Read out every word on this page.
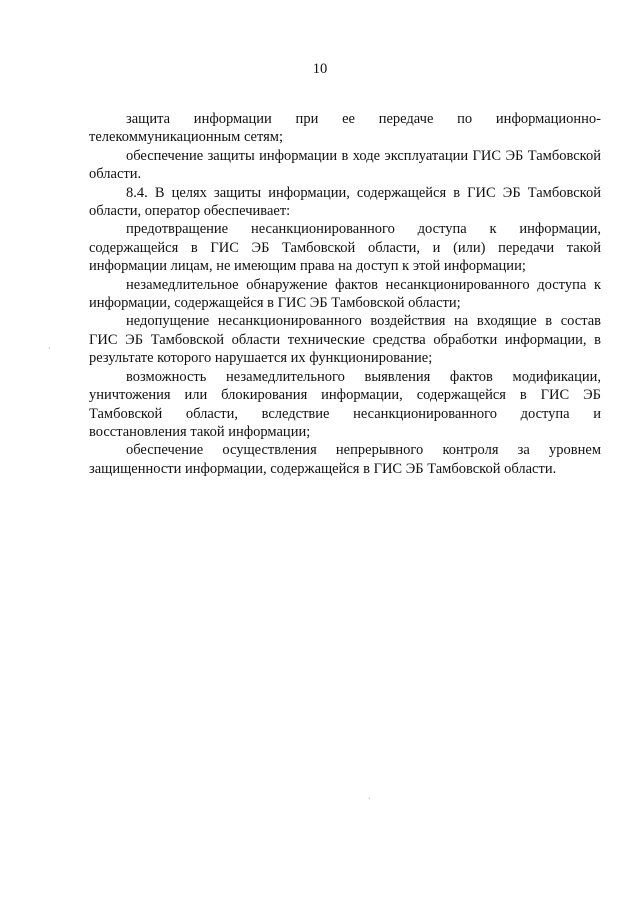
10

защита информации при ее передаче по информационно-телекоммуникационным сетям;

обеспечение защиты информации в ходе эксплуатации ГИС ЭБ Тамбовской области.

8.4. В целях защиты информации, содержащейся в ГИС ЭБ Тамбовской области, оператор обеспечивает:

предотвращение несанкционированного доступа к информации, содержащейся в ГИС ЭБ Тамбовской области, и (или) передачи такой информации лицам, не имеющим права на доступ к этой информации;

незамедлительное обнаружение фактов несанкционированного доступа к информации, содержащейся в ГИС ЭБ Тамбовской области;

недопущение несанкционированного воздействия на входящие в состав ГИС ЭБ Тамбовской области технические средства обработки информации, в результате которого нарушается их функционирование;

возможность незамедлительного выявления фактов модификации, уничтожения или блокирования информации, содержащейся в ГИС ЭБ Тамбовской области, вследствие несанкционированного доступа и восстановления такой информации;

обеспечение осуществления непрерывного контроля за уровнем защищенности информации, содержащейся в ГИС ЭБ Тамбовской области.

·
·
